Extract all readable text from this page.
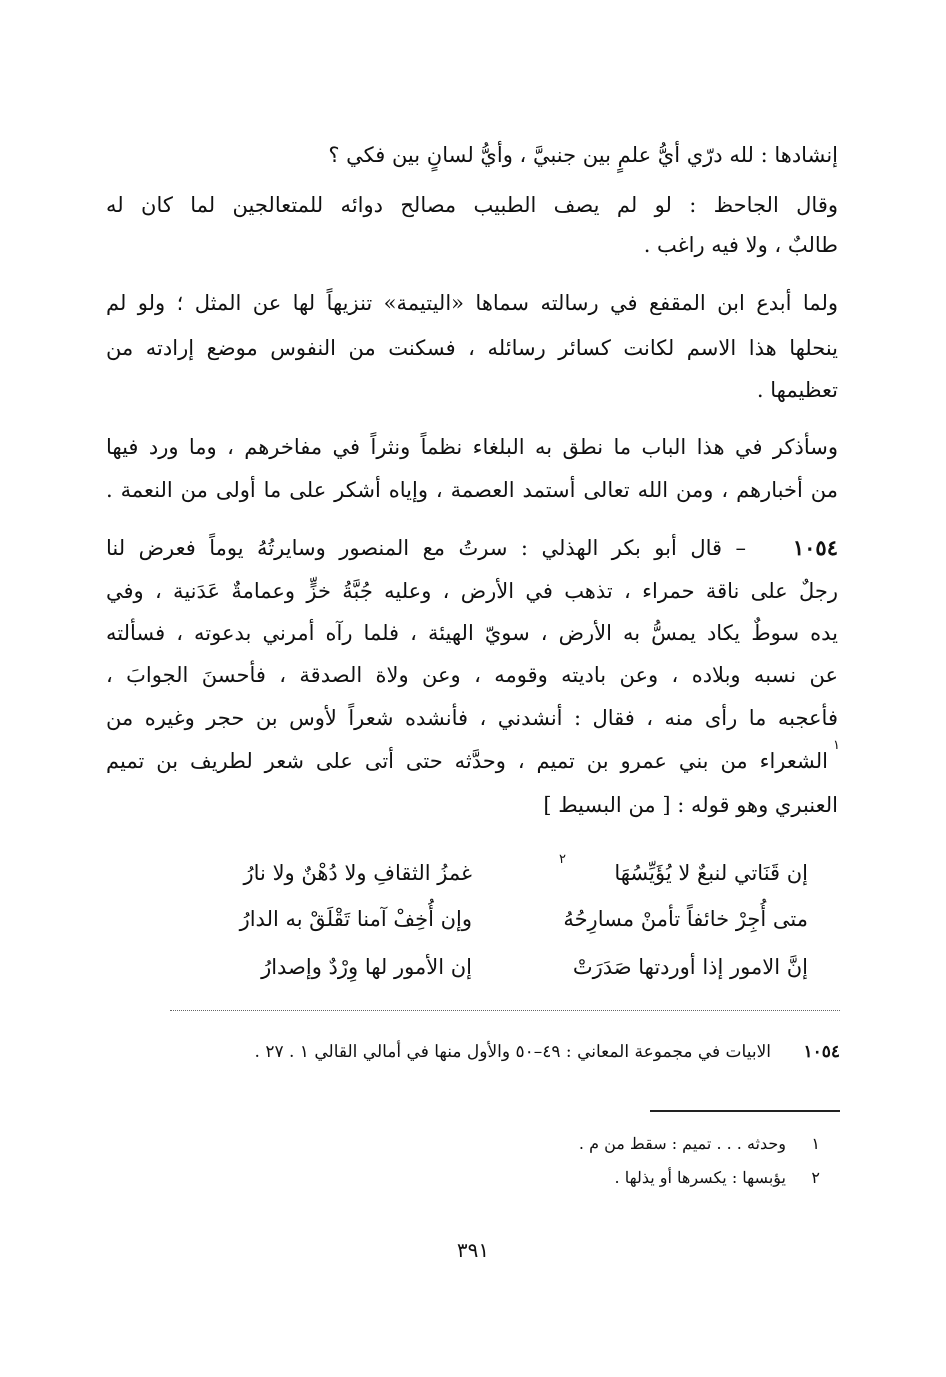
إنشادها : لله درّي أيُّ علمٍ بين جنبيَّ ، وأيُّ لسانٍ بين فكي ؟
وقال الجاحظ : لو لم يصف الطبيب مصالح دوائه للمتعالجين لما كان له
طالبٌ ، ولا فيه راغب .
ولما أبدع ابن المقفع في رسالته سماها «اليتيمة» تنزيهاً لها عن المثل ؛ ولو لم
ينحلها هذا الاسم لكانت كسائر رسائله ، فسكنت من النفوس موضع إرادته من
تعظيمها .
وسأذكر في هذا الباب ما نطق به البلغاء نظماً ونثراً في مفاخرهم ، وما ورد فيها
من أخبارهم ، ومن الله تعالى أستمد العصمة ، وإياه أشكر على ما أولى من النعمة .
١٠٥٤
– قال أبو بكر الهذلي : سرتُ مع المنصور وسايرتُهُ يوماً فعرض لنا
رجلٌ على ناقة حمراء ، تذهب في الأرض ، وعليه جُبَّةُ خزٍّ وعمامةٌ عَدَنية ، وفي
يده سوطٌ يكاد يمسُّ به الأرض ، سويّ الهيئة ، فلما رآه أمرني بدعوته ، فسألته
عن نسبه وبلاده ، وعن باديته وقومه ، وعن ولاة الصدقة ، فأحسنَ الجوابَ ،
فأعجبه ما رأى منه ، فقال : أنشدني ، فأنشده شعراً لأوس بن حجر وغيره من
الشعراء من بني عمرو بن تميم ، وحدَّثه حتى أتى على شعر لطريف بن تميم
١
العنبري وهو قوله : [ من البسيط ]
إن قَنَاتي لنبعٌ لا يُؤَيِّسُهَا
٢
غمزُ الثقافِ ولا دُهْنٌ ولا نارُ
متى أُجِرْ خائفاً تأمنْ مسارِحُهُ
وإن أُخِفْ آمنا تَقْلَقْ به الدارُ
إنَّ الامور إذا أوردتها صَدَرَتْ
إن الأمور لها وِرْدٌ وإصدارُ
١٠٥٤
الابيات في مجموعة المعاني : ٤٩–٥٠ والأول منها في أمالي القالي ١ . ٢٧ .
١
وحدثه . . . تميم : سقط من م .
٢
يؤبسها : يكسرها أو يذلها .
٣٩١
